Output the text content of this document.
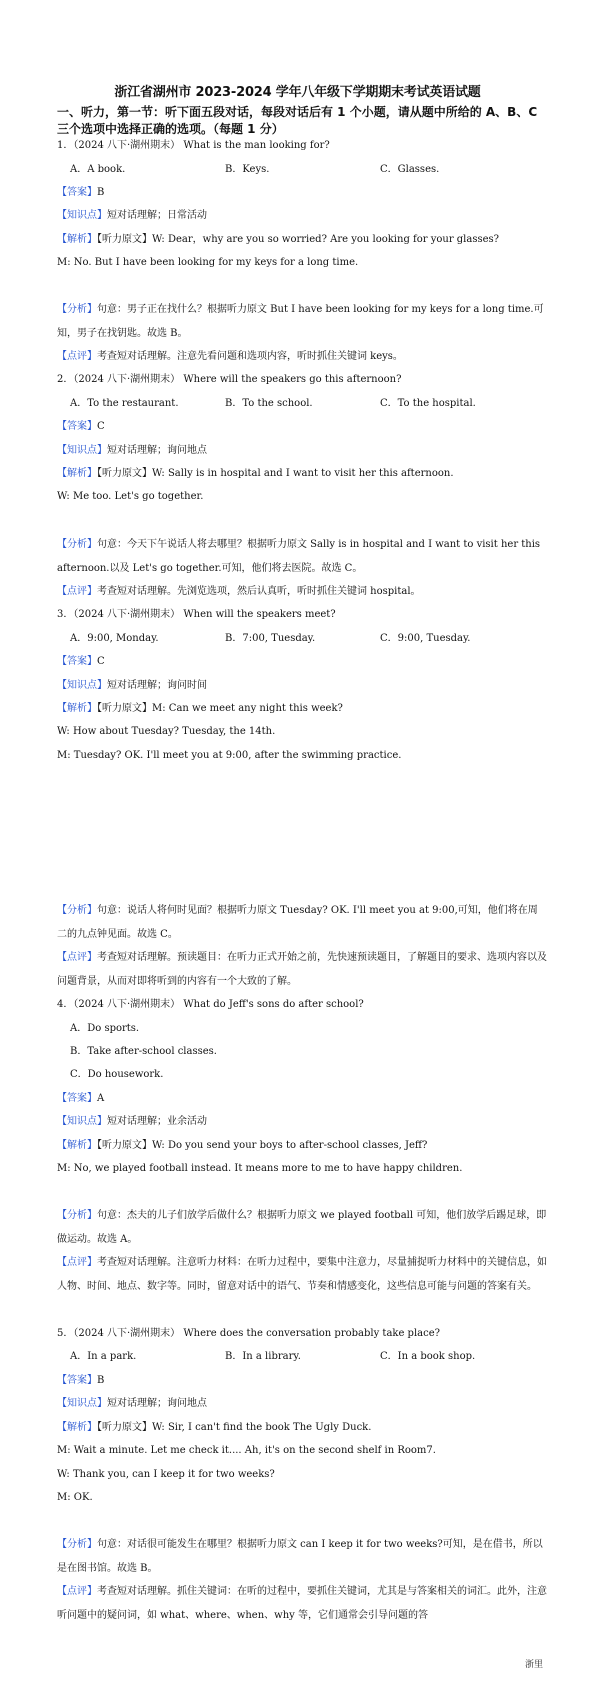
浙江省湖州市 2023-2024 学年八年级下学期期末考试英语试题
一、听力，第一节：听下面五段对话，每段对话后有 1 个小题，请从题中所给的 A、B、C 三个选项中选择正确的选项。（每题 1 分）
1．（2024 八下·湖州期末） What is the man looking for?
A．A book.	B．Keys.	C．Glasses.
【答案】B
【知识点】短对话理解；日常活动
【解析】【听力原文】W: Dear，why are you so worried? Are you looking for your glasses?
M: No. But I have been looking for my keys for a long time.
【分析】句意：男子正在找什么？根据听力原文 But I have been looking for my keys for a long time.可知，男子在找钥匙。故选 B。
【点评】考查短对话理解。注意先看问题和选项内容，听时抓住关键词 keys。
2．（2024 八下·湖州期末） Where will the speakers go this afternoon?
A．To the restaurant.	B．To the school.	C．To the hospital.
【答案】C
【知识点】短对话理解；询问地点
【解析】【听力原文】W: Sally is in hospital and I want to visit her this afternoon.
W: Me too. Let's go together.
【分析】句意：今天下午说话人将去哪里？根据听力原文 Sally is in hospital and I want to visit her this afternoon.以及 Let's go together.可知，他们将去医院。故选 C。
【点评】考查短对话理解。先浏览选项，然后认真听，听时抓住关键词 hospital。
3．（2024 八下·湖州期末） When will the speakers meet?
A．9:00, Monday.	B．7:00, Tuesday.	C．9:00, Tuesday.
【答案】C
【知识点】短对话理解；询问时间
【解析】【听力原文】M: Can we meet any night this week?
W: How about Tuesday? Tuesday, the 14th.
M: Tuesday? OK. I'll meet you at 9:00, after the swimming practice.
【分析】句意：说话人将何时见面？根据听力原文 Tuesday? OK. I'll meet you at 9:00,可知，他们将在周二的九点钟见面。故选 C。
【点评】考查短对话理解。预读题目：在听力正式开始之前，先快速预读题目，了解题目的要求、选项内容以及问题背景，从而对即将听到的内容有一个大致的了解。
4．（2024 八下·湖州期末） What do Jeff's sons do after school?
A．Do sports.
B．Take after-school classes.
C．Do housework.
【答案】A
【知识点】短对话理解；业余活动
【解析】【听力原文】W: Do you send your boys to after-school classes, Jeff?
M: No, we played football instead. It means more to me to have happy children.
【分析】句意：杰夫的儿子们放学后做什么？根据听力原文 we played football 可知，他们放学后踢足球，即做运动。故选 A。
【点评】考查短对话理解。注意听力材料：在听力过程中，要集中注意力，尽量捕捉听力材料中的关键信息，如人物、时间、地点、数字等。同时，留意对话中的语气、节奏和情感变化，这些信息可能与问题的答案有关。
5．（2024 八下·湖州期末） Where does the conversation probably take place?
A．In a park.	B．In a library.	C．In a book shop.
【答案】B
【知识点】短对话理解；询问地点
【解析】【听力原文】W: Sir, I can't find the book The Ugly Duck.
M: Wait a minute. Let me check it.... Ah, it's on the second shelf in Room7.
W: Thank you, can I keep it for two weeks?
M: OK.
【分析】句意：对话很可能发生在哪里？根据听力原文 can I keep it for two weeks?可知，是在借书，所以是在图书馆。故选 B。
【点评】考查短对话理解。抓住关键词：在听的过程中，要抓住关键词，尤其是与答案相关的词汇。此外，注意听问题中的疑问词，如 what、where、when、why 等，它们通常会引导问题的答
浙里
